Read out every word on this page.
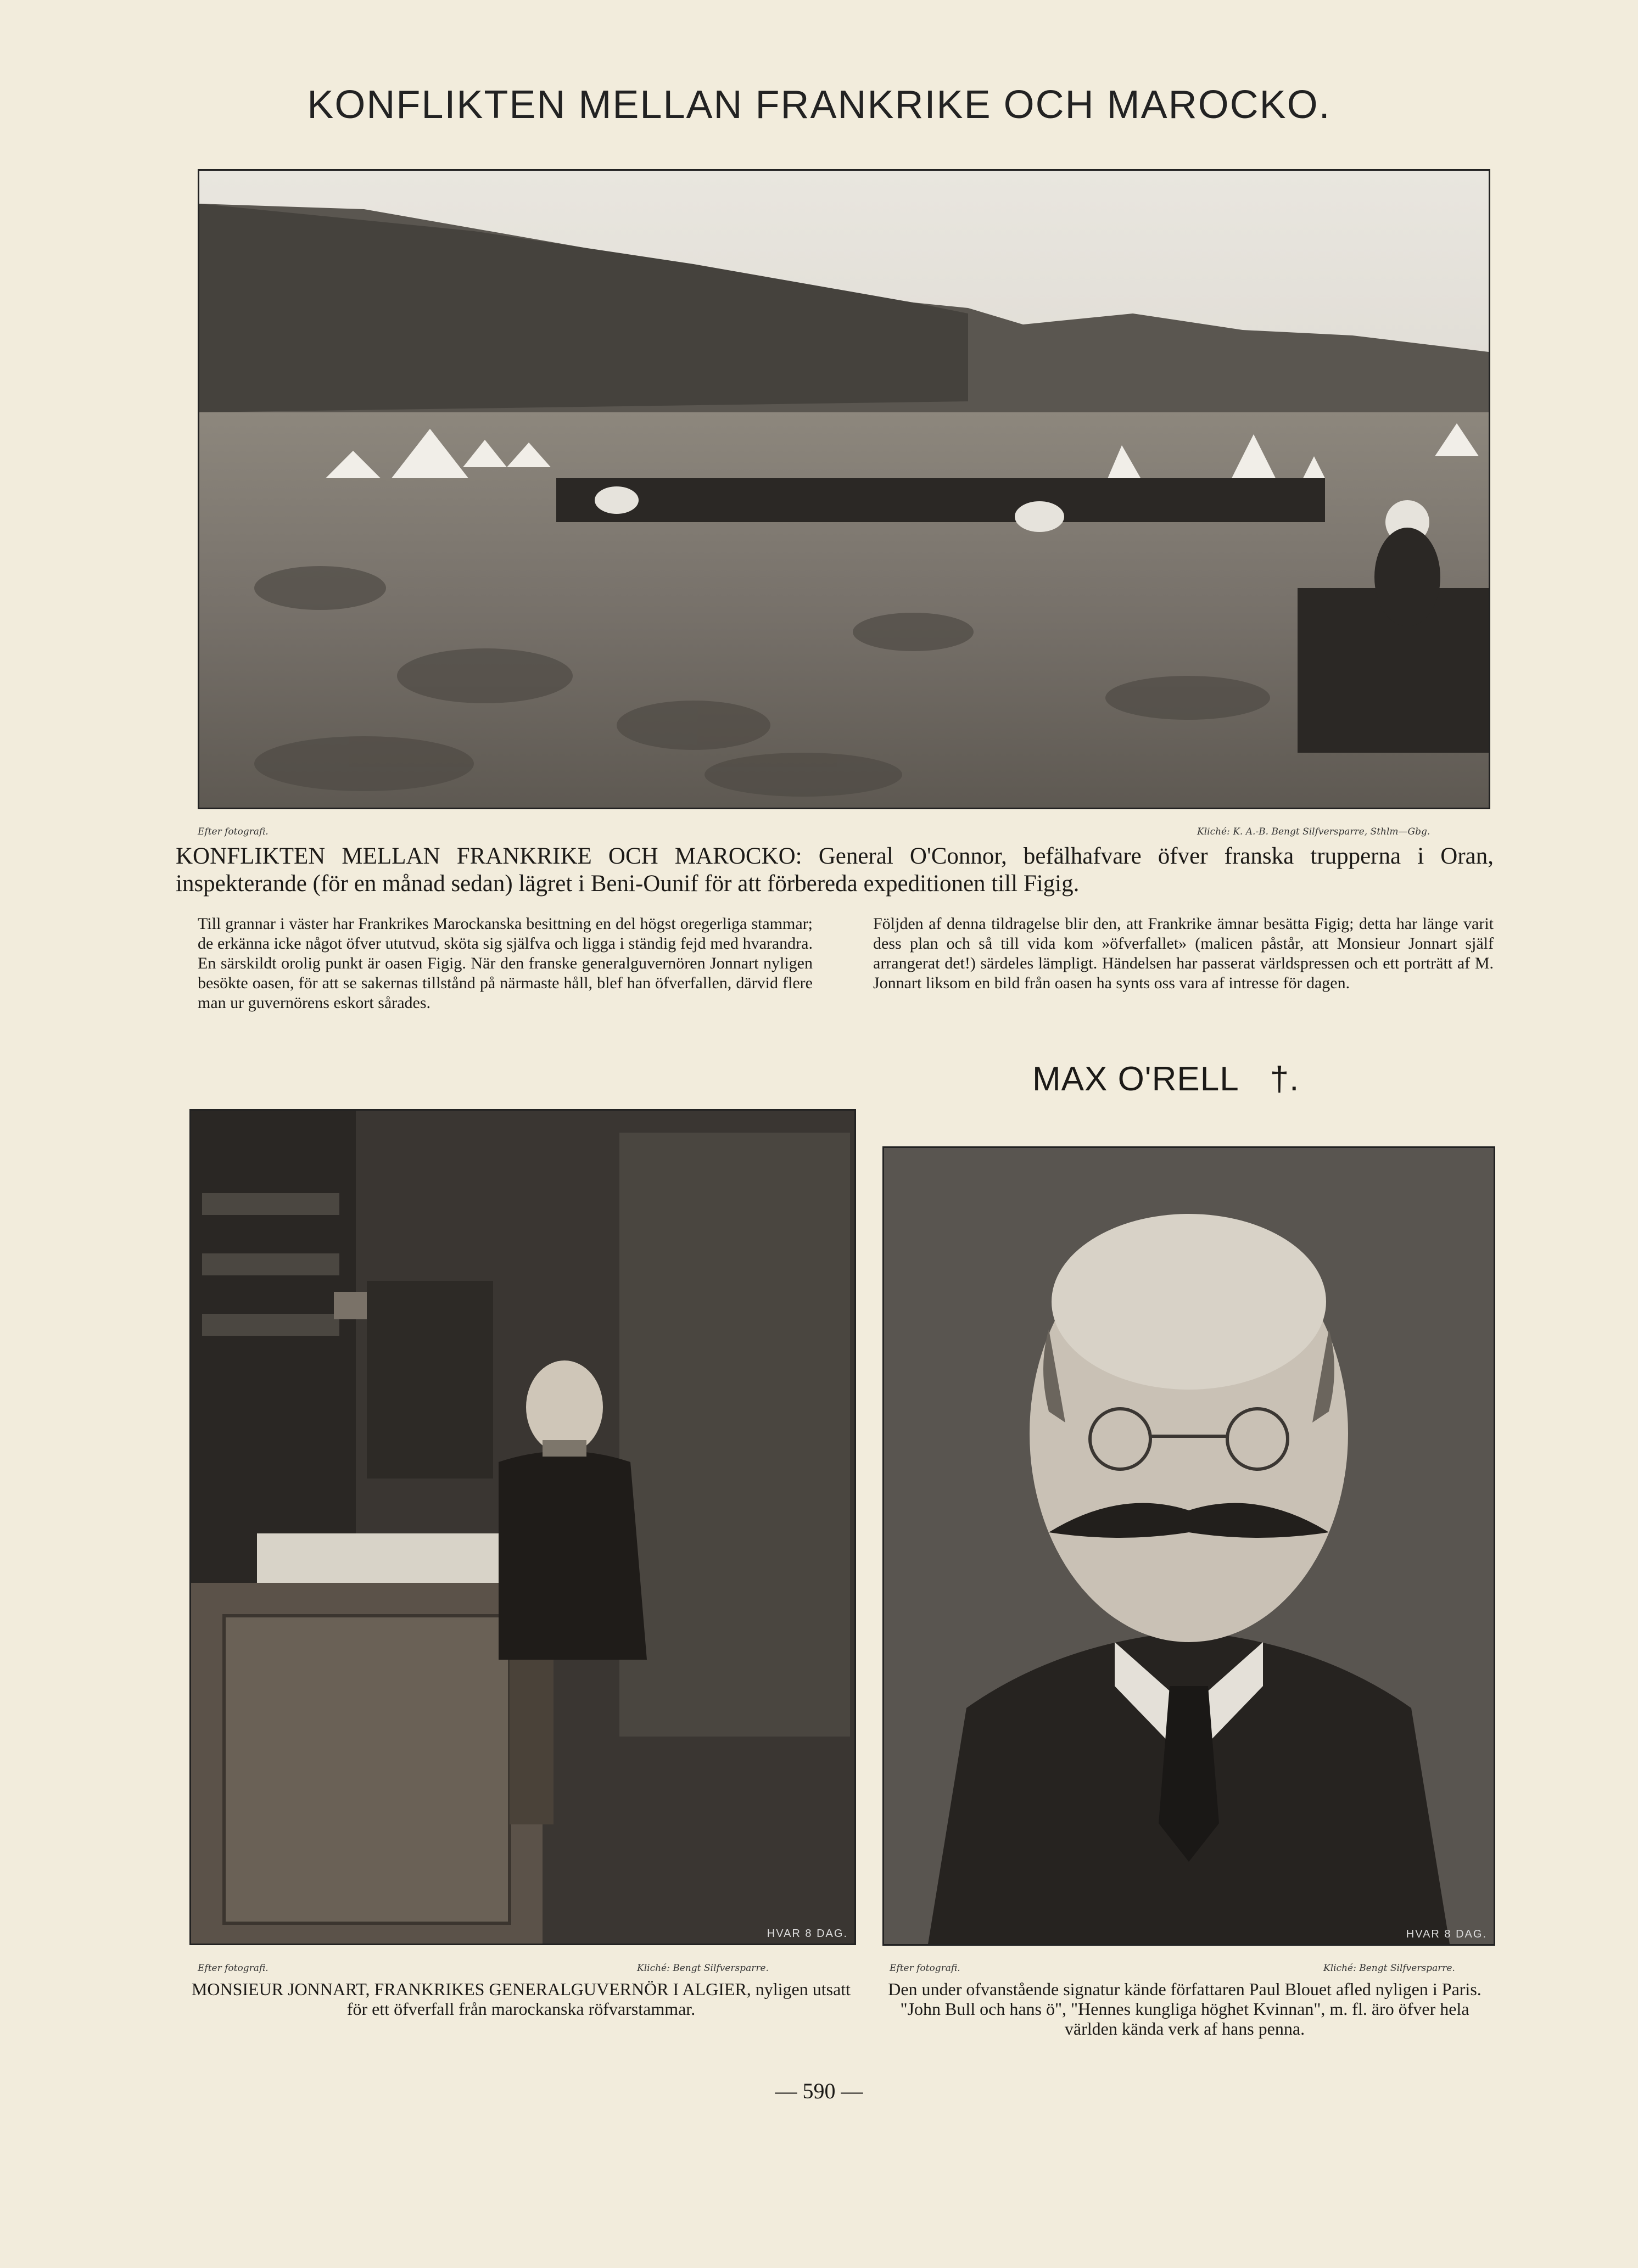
KONFLIKTEN MELLAN FRANKRIKE OCH MAROCKO.
Efter fotografi.	Kliché: K. A.-B. Bengt Silfversparre, Sthlm—Gbg.
KONFLIKTEN MELLAN FRANKRIKE OCH MAROCKO: General O'Connor, befälhafvare öfver franska trupperna i Oran, inspekterande (för en månad sedan) lägret i Beni-Ounif för att förbereda expeditionen till Figig.
Till grannar i väster har Frankrikes Marockanska besittning en del högst oregerliga stammar; de erkänna icke något öfver ututvud, sköta sig själfva och ligga i ständig fejd med hvarandra. En särskildt orolig punkt är oasen Figig. När den franske generalguvernören Jonnart nyligen besökte oasen, för att se sakernas tillstånd på närmaste håll, blef han öfverfallen, därvid flere man ur guvernörens eskort sårades.
Följden af denna tildragelse blir den, att Frankrike ämnar besätta Figig; detta har länge varit dess plan och så till vida kom »öfverfallet» (malicen påstår, att Monsieur Jonnart själf arrangerat det!) särdeles lämpligt. Händelsen har passerat världspressen och ett porträtt af M. Jonnart liksom en bild från oasen ha synts oss vara af intresse för dagen.
MAX O'RELL †.
HVAR 8 DAG.
Efter fotografi.	Kliché: Bengt Silfversparre.
MONSIEUR JONNART, FRANKRIKES GENERALGUVERNÖR I ALGIER, nyligen utsatt för ett öfverfall från marockanska röfvarstammar.
HVAR 8 DAG.
Efter fotografi.	Kliché: Bengt Silfversparre.
Den under ofvanstående signatur kände författaren Paul Blouet afled nyligen i Paris. "John Bull och hans ö", "Hennes kungliga höghet Kvinnan", m. fl. äro öfver hela världen kända verk af hans penna.
— 590 —
